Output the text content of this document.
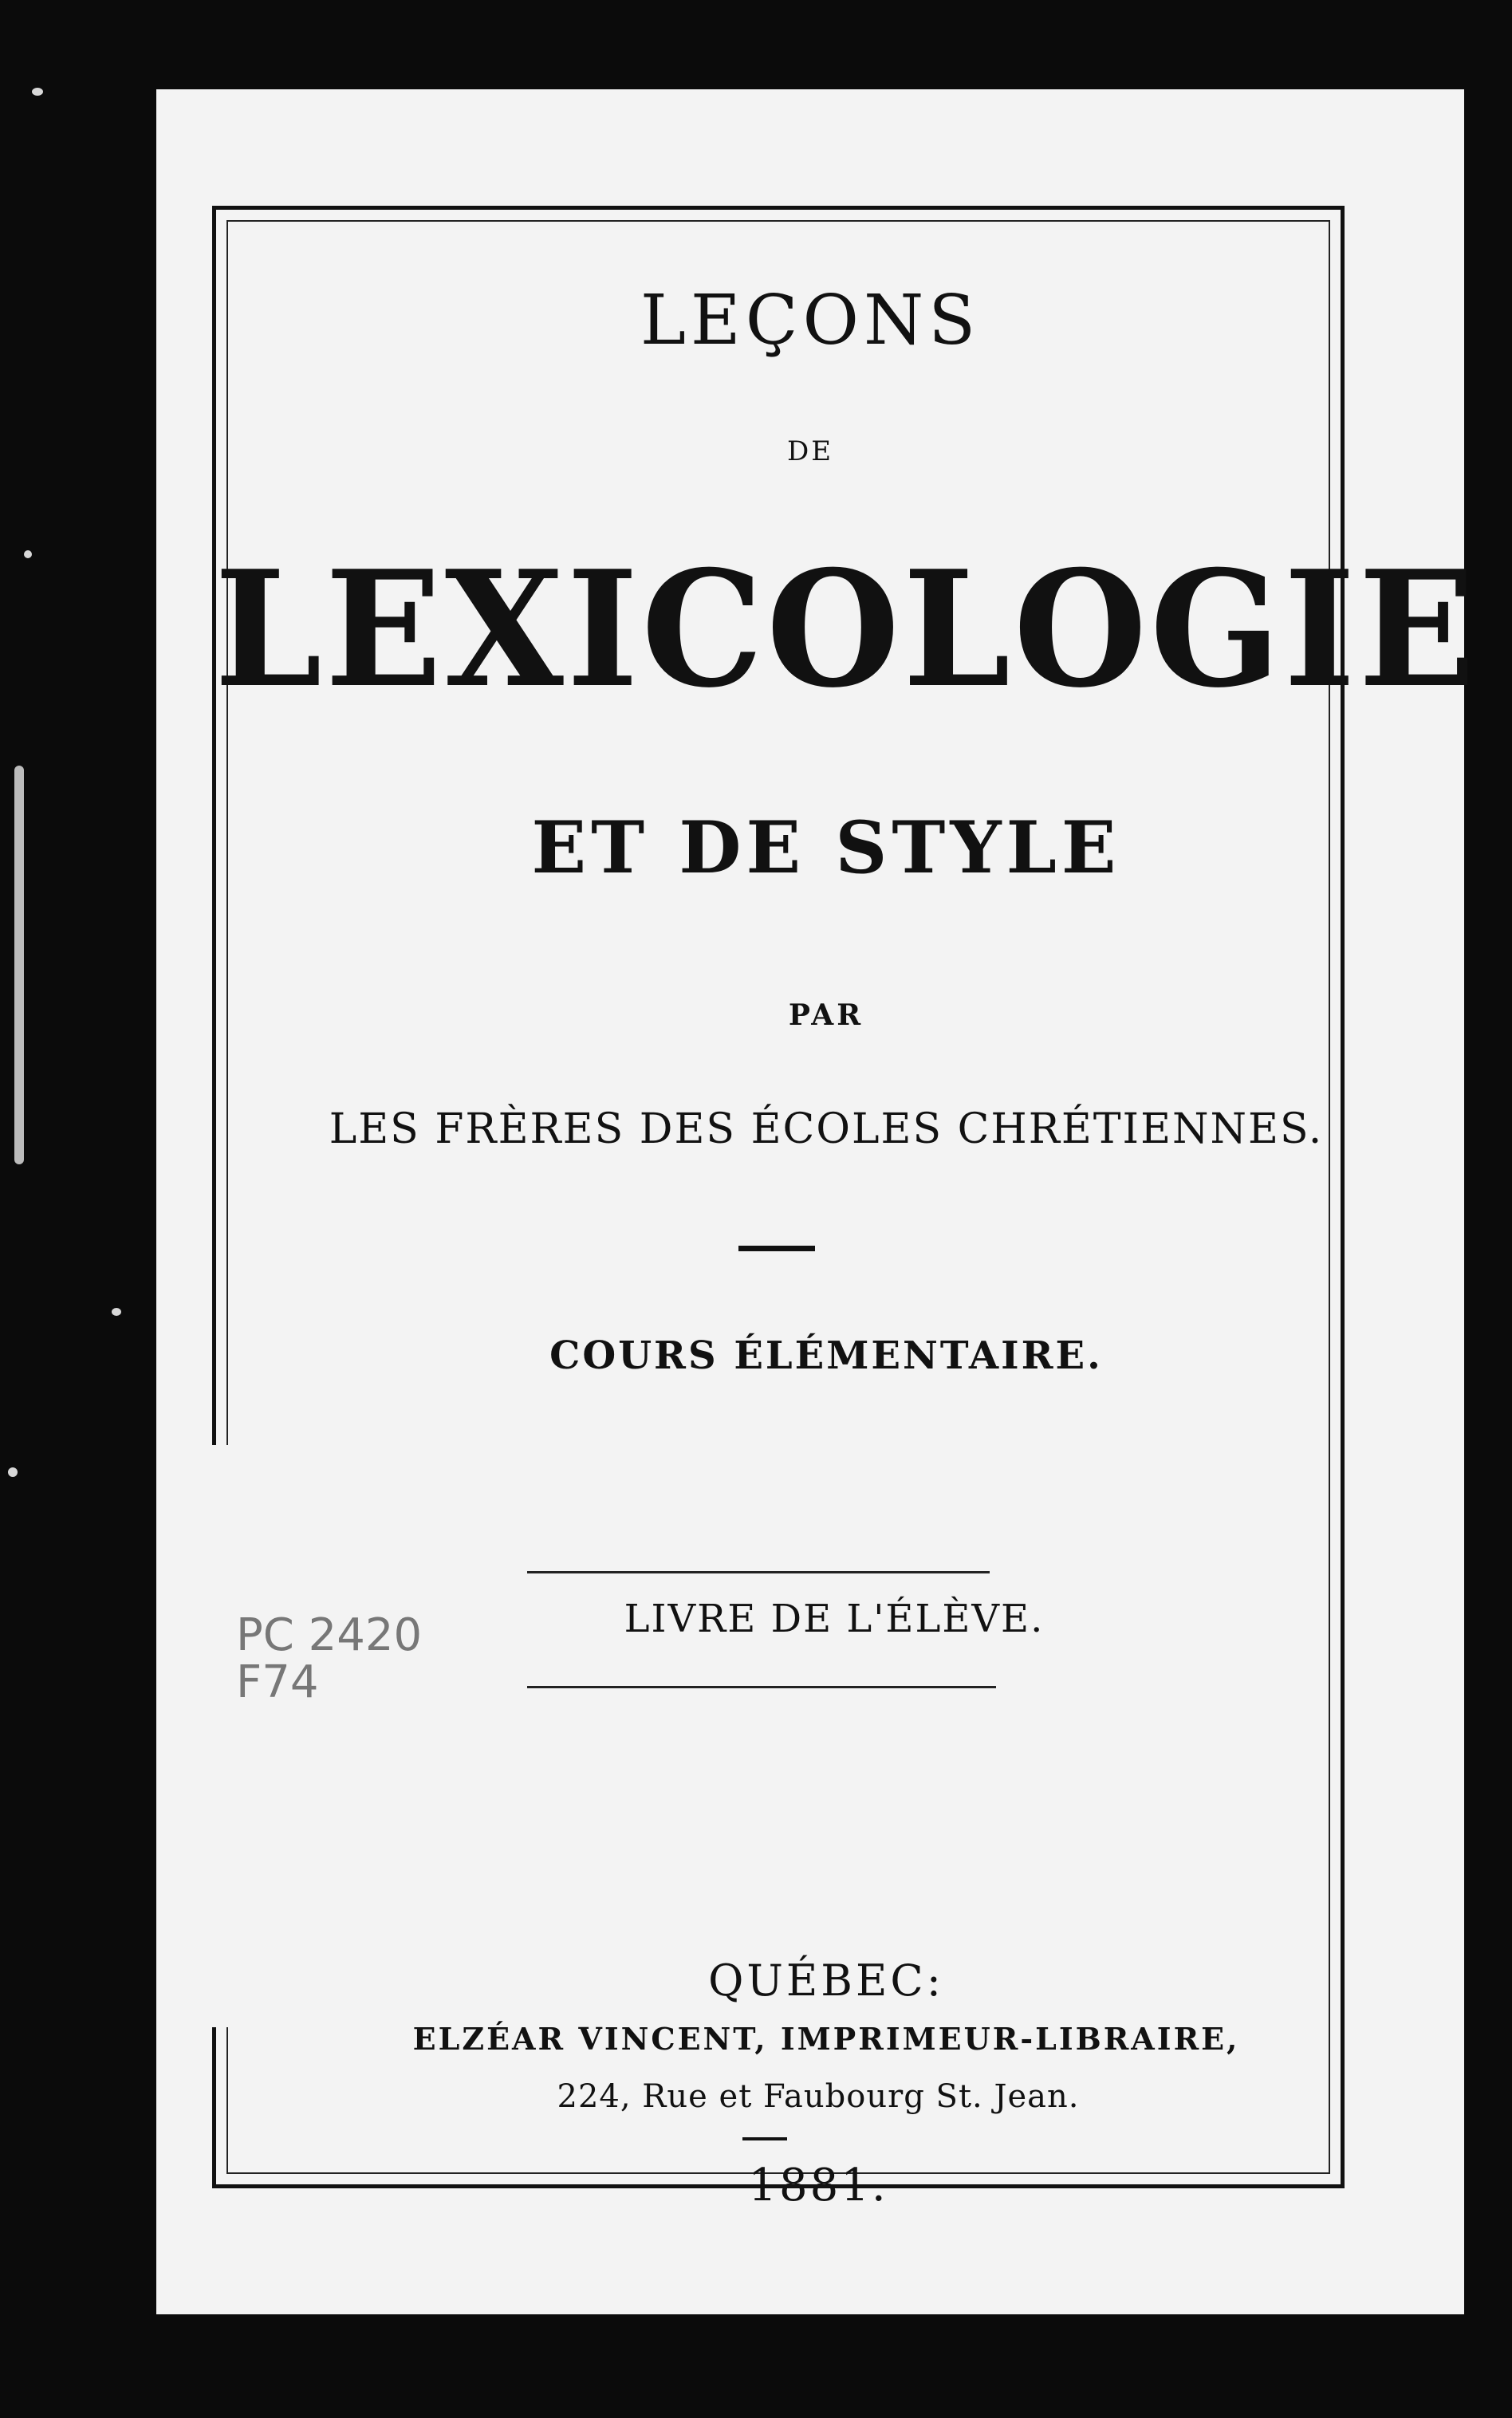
LEÇONS
DE
LEXICOLOGIE
ET DE STYLE
PAR
LES FRÈRES DES ÉCOLES CHRÉTIENNES.
COURS ÉLÉMENTAIRE.
LIVRE DE L'ÉLÈVE.
PC 2420
F74
QUÉBEC:
ELZÉAR VINCENT, IMPRIMEUR-LIBRAIRE,
224, Rue et Faubourg St. Jean.
1881.
